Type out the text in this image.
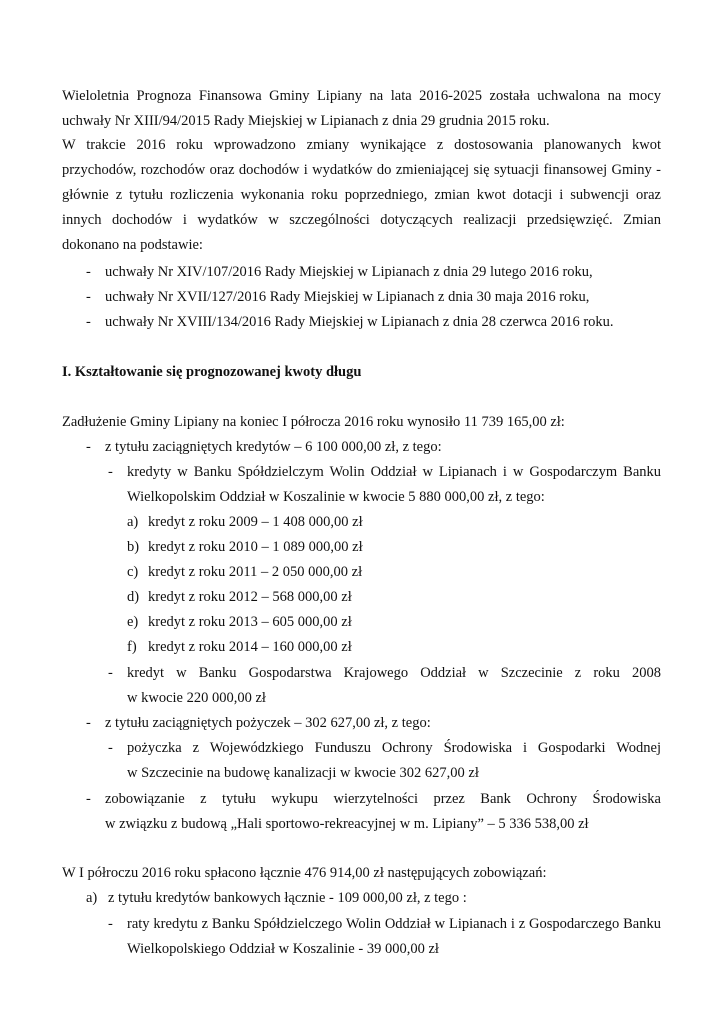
Wieloletnia Prognoza Finansowa Gminy Lipiany na lata 2016-2025 została uchwalona na mocy
uchwały Nr XIII/94/2015 Rady Miejskiej w Lipianach z dnia 29 grudnia 2015 roku.
W trakcie 2016 roku wprowadzono zmiany wynikające z dostosowania planowanych kwot
przychodów, rozchodów oraz dochodów i wydatków do zmieniającej się sytuacji finansowej Gminy -
głównie z tytułu rozliczenia wykonania roku poprzedniego, zmian kwot dotacji i subwencji oraz
innych dochodów i wydatków w szczególności dotyczących realizacji przedsięwzięć. Zmian
dokonano na podstawie:
- uchwały Nr XIV/107/2016 Rady Miejskiej w Lipianach z dnia 29 lutego 2016 roku,
- uchwały Nr XVII/127/2016 Rady Miejskiej w Lipianach z dnia 30 maja 2016 roku,
- uchwały Nr XVIII/134/2016 Rady Miejskiej w Lipianach z dnia 28 czerwca 2016 roku.
I. Kształtowanie się prognozowanej kwoty długu
Zadłużenie Gminy Lipiany na koniec I półrocza 2016 roku wynosiło 11 739 165,00 zł:
- z tytułu zaciągniętych kredytów – 6 100 000,00 zł, z tego:
- kredyty w Banku Spółdzielczym Wolin Oddział w Lipianach i w Gospodarczym Banku
Wielkopolskim Oddział w Koszalinie w kwocie 5 880 000,00 zł, z tego:
a) kredyt z roku 2009 – 1 408 000,00 zł
b) kredyt z roku 2010 – 1 089 000,00 zł
c) kredyt z roku 2011 – 2 050 000,00 zł
d) kredyt z roku 2012 – 568 000,00 zł
e) kredyt z roku 2013 – 605 000,00 zł
f) kredyt z roku 2014 – 160 000,00 zł
- kredyt w Banku Gospodarstwa Krajowego Oddział w Szczecinie z roku 2008
w kwocie 220 000,00 zł
- z tytułu zaciągniętych pożyczek – 302 627,00 zł, z tego:
- pożyczka z Wojewódzkiego Funduszu Ochrony Środowiska i Gospodarki Wodnej
w Szczecinie na budowę kanalizacji w kwocie 302 627,00 zł
- zobowiązanie z tytułu wykupu wierzytelności przez Bank Ochrony Środowiska
w związku z budową „Hali sportowo-rekreacyjnej w m. Lipiany” – 5 336 538,00 zł
W I półroczu 2016 roku spłacono łącznie 476 914,00 zł następujących zobowiązań:
a) z tytułu kredytów bankowych łącznie - 109 000,00 zł, z tego :
- raty kredytu z Banku Spółdzielczego Wolin Oddział w Lipianach i z Gospodarczego Banku
Wielkopolskiego Oddział w Koszalinie - 39 000,00 zł
